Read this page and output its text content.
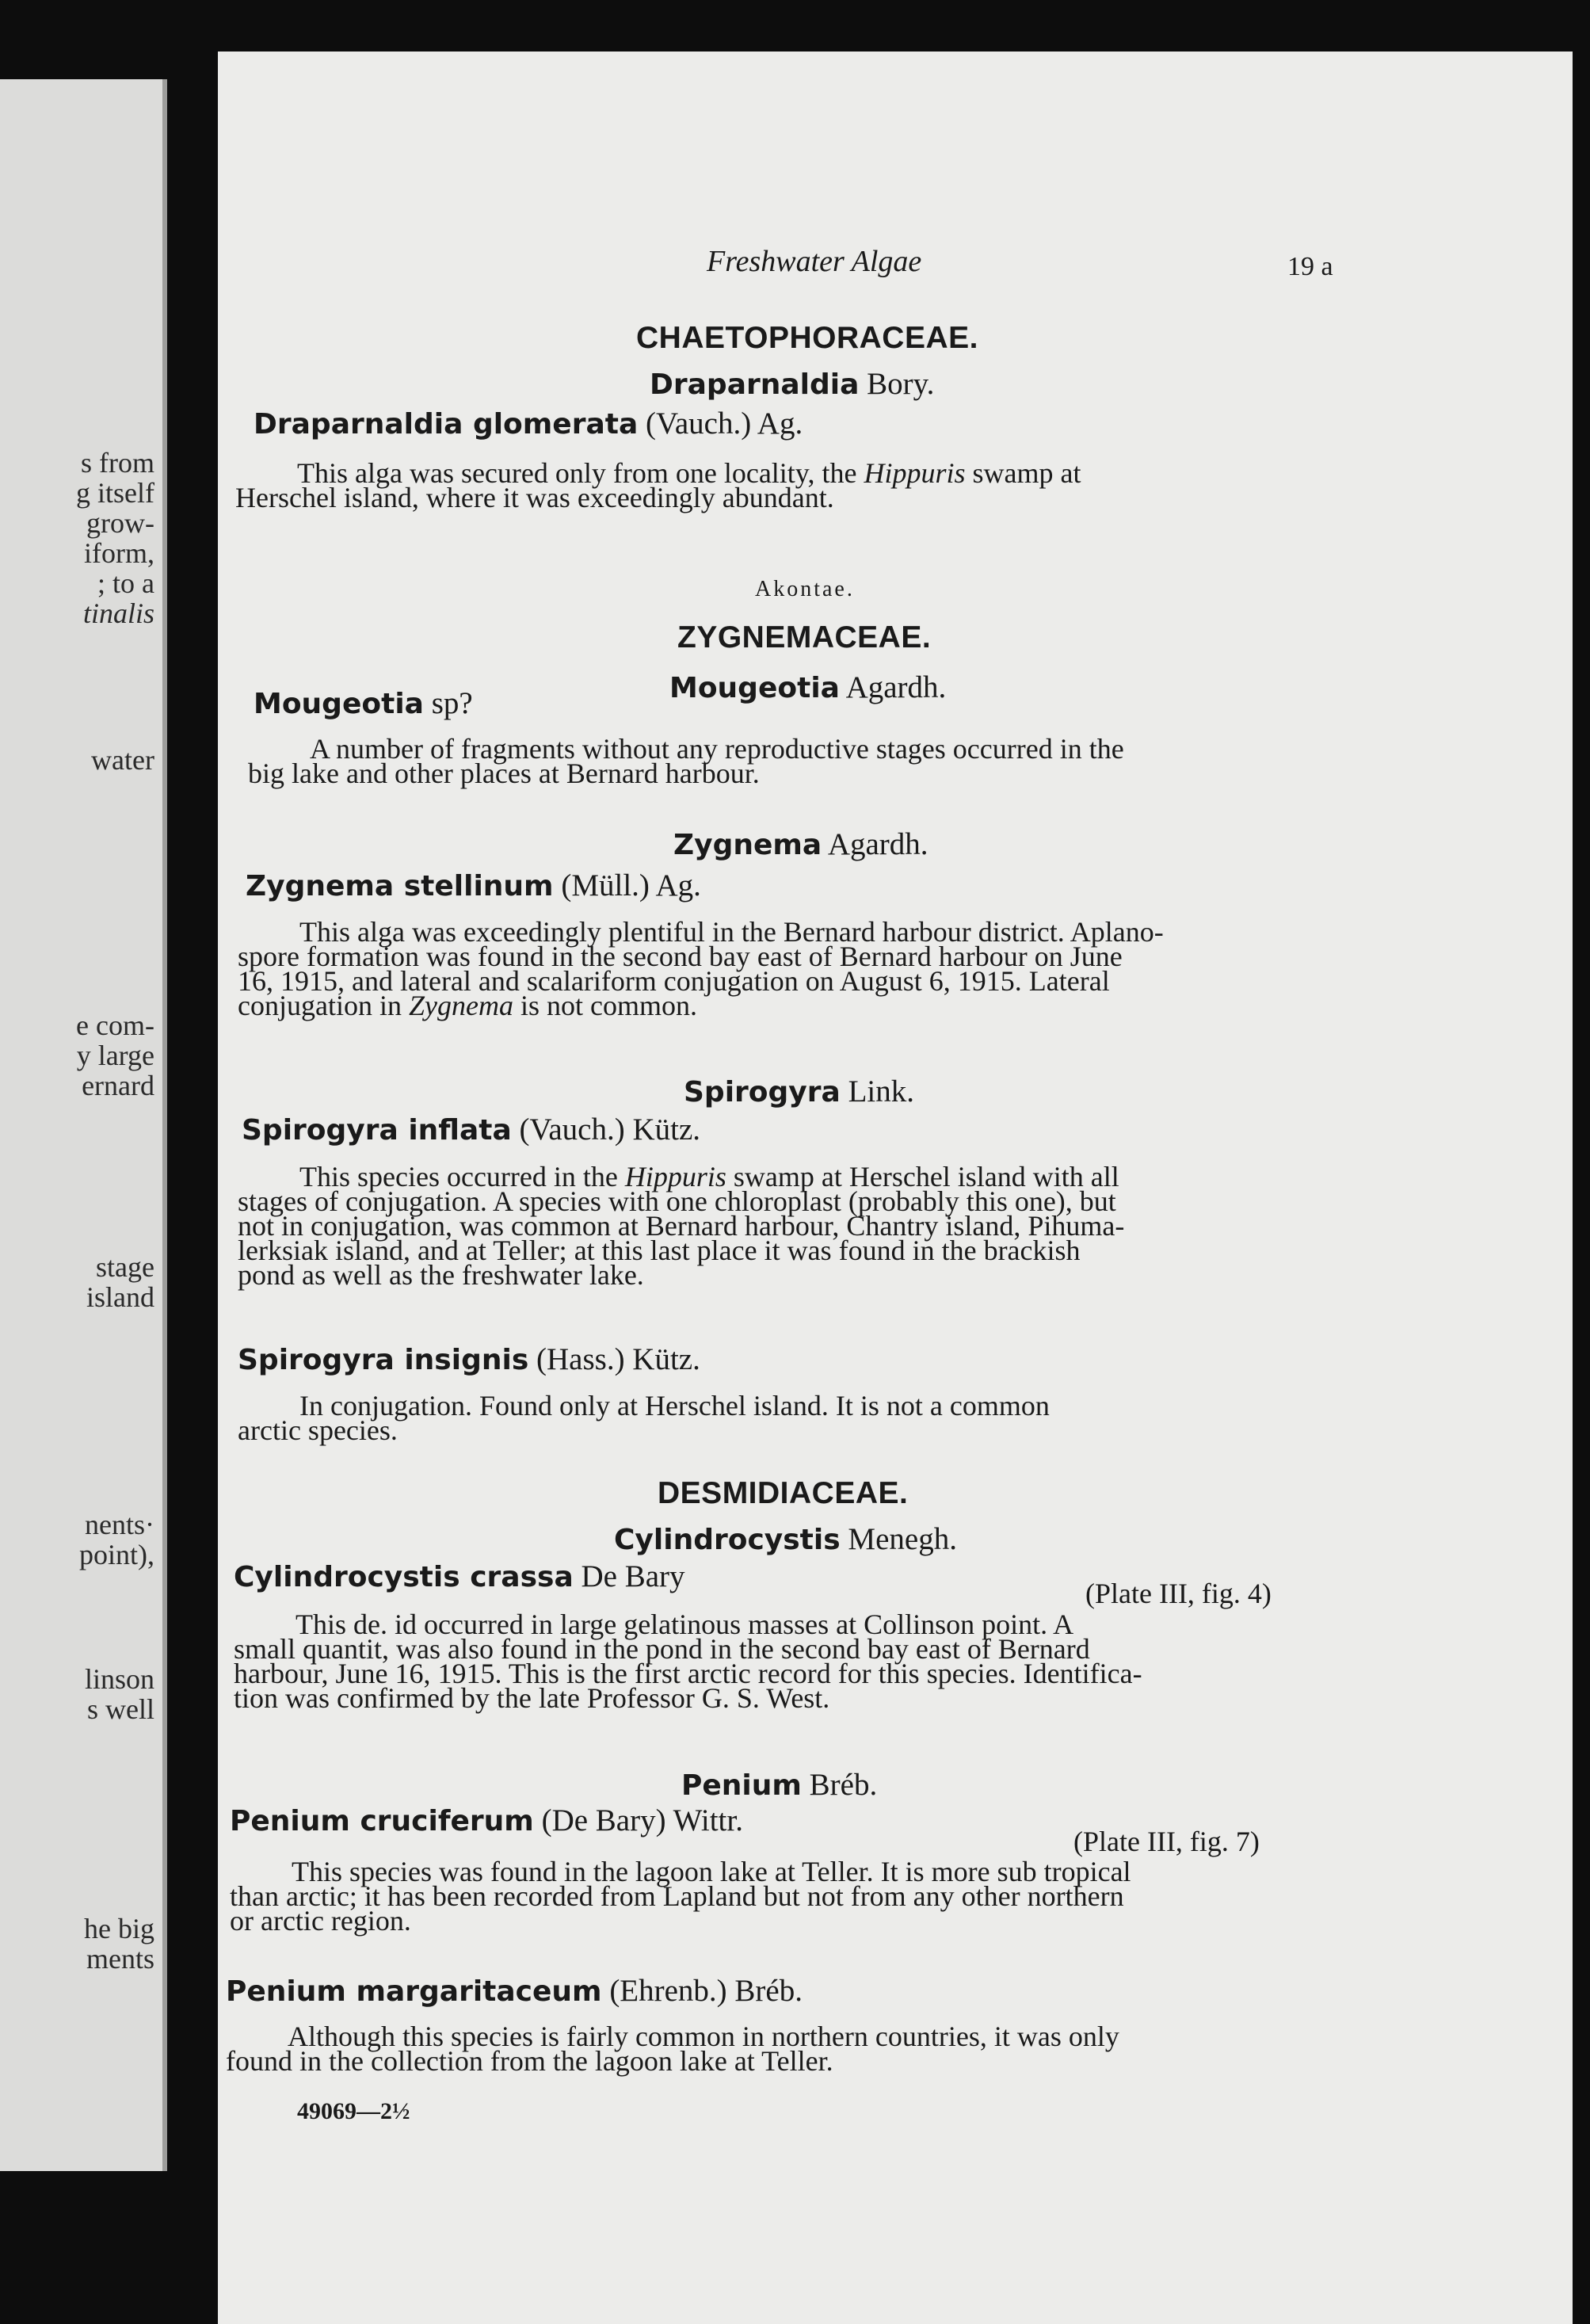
s from
g itself
grow-
iform,
; to a
tinalis
water
e com-
y large
ernard
stage
island
nents·
point),
linson
s well
he big
ments
Freshwater Algae	19 a
CHAETOPHORACEAE.
Draparnaldia Bory.
Draparnaldia glomerata (Vauch.) Ag.
This alga was secured only from one locality, the Hippuris swamp at
Herschel island, where it was exceedingly abundant.
Akontae.
ZYGNEMACEAE.
Mougeotia Agardh.
Mougeotia sp?
A number of fragments without any reproductive stages occurred in the
big lake and other places at Bernard harbour.
Zygnema Agardh.
Zygnema stellinum (Müll.) Ag.
This alga was exceedingly plentiful in the Bernard harbour district. Aplano-
spore formation was found in the second bay east of Bernard harbour on June
16, 1915, and lateral and scalariform conjugation on August 6, 1915. Lateral
conjugation in Zygnema is not common.
Spirogyra Link.
Spirogyra inflata (Vauch.) Kütz.
This species occurred in the Hippuris swamp at Herschel island with all
stages of conjugation. A species with one chloroplast (probably this one), but
not in conjugation, was common at Bernard harbour, Chantry island, Pihuma-
lerksiak island, and at Teller; at this last place it was found in the brackish
pond as well as the freshwater lake.
Spirogyra insignis (Hass.) Kütz.
In conjugation. Found only at Herschel island. It is not a common
arctic species.
DESMIDIACEAE.
Cylindrocystis Menegh.
Cylindrocystis crassa De Bary	(Plate III, fig. 4)
This de. id occurred in large gelatinous masses at Collinson point. A
small quantit, was also found in the pond in the second bay east of Bernard
harbour, June 16, 1915. This is the first arctic record for this species. Identifica-
tion was confirmed by the late Professor G. S. West.
Penium Bréb.
Penium cruciferum (De Bary) Wittr.
(Plate III, fig. 7)
This species was found in the lagoon lake at Teller. It is more sub tropical
than arctic; it has been recorded from Lapland but not from any other northern
or arctic region.
Penium margaritaceum (Ehrenb.) Bréb.
Although this species is fairly common in northern countries, it was only
found in the collection from the lagoon lake at Teller.
49069—2½
